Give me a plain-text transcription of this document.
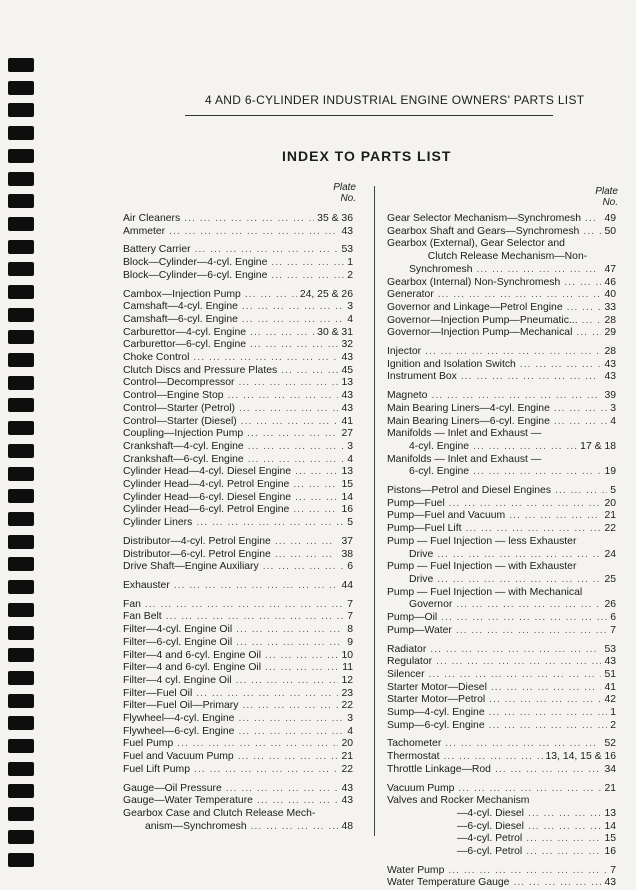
4 AND 6-CYLINDER INDUSTRIAL ENGINE OWNERS' PARTS LIST
INDEX TO PARTS LIST
Plate
No.
Plate
No.
Air Cleaners ...	35 & 36
Ammeter ...	43
Battery Carrier ...	53
Block—Cylinder—4-cyl. Engine ...	1
Block—Cylinder—6-cyl. Engine ...	2
Cambox—Injection Pump ...	24, 25 & 26
Camshaft—4-cyl. Engine ...	3
Camshaft—6-cyl. Engine ...	4
Carburettor—4-cyl. Engine ...	30 & 31
Carburettor—6-cyl. Engine ...	32
Choke Control ...	43
Clutch Discs and Pressure Plates ...	45
Control—Decompressor ...	13
Control—Engine Stop ...	43
Control—Starter (Petrol) ...	43
Control—Starter (Diesel) ...	41
Coupling—Injection Pump ...	27
Crankshaft—4-cyl. Engine ...	3
Crankshaft—6-cyl. Engine ...	4
Cylinder Head—4-cyl. Diesel Engine ...	13
Cylinder Head—4-cyl. Petrol Engine ...	15
Cylinder Head—6-cyl. Diesel Engine ...	14
Cylinder Head—6-cyl. Petrol Engine ...	16
Cylinder Liners ...	5
Distributor—4-cyl. Petrol Engine ...	37
Distributor—6-cyl. Petrol Engine ...	38
Drive Shaft—Engine Auxiliary ...	6
Exhauster ...	44
Fan ...	7
Fan Belt ...	7
Filter—4-cyl. Engine Oil ...	8
Filter—6-cyl. Engine Oil ...	9
Filter—4 and 6-cyl. Engine Oil ...	10
Filter—4 and 6-cyl. Engine Oil ...	11
Filter—4 cyl. Engine Oil ...	12
Filter—Fuel Oil ...	23
Filter—Fuel Oil—Primary ...	22
Flywheel—4-cyl. Engine ...	3
Flywheel—6-cyl. Engine ...	4
Fuel Pump ...	20
Fuel and Vacuum Pump ...	21
Fuel Lift Pump ...	22
Gauge—Oil Pressure ...	43
Gauge—Water Temperature ...	43
Gearbox Case and Clutch Release Mech-
anism—Synchromesh ...	48
Gear Selector Mechanism—Synchromesh ... 49
Gearbox Shaft and Gears—Synchromesh ... 50
Gearbox (External), Gear Selector and
Clutch Release Mechanism—Non-
Synchromesh ...	47
Gearbox (Internal) Non-Synchromesh ...	46
Generator ...	40
Governor and Linkage—Petrol Engine ...	33
Governor—Injection Pump—Pneumatic... ...	28
Governor—Injection Pump—Mechanical ...	29
Injector ...	28
Ignition and Isolation Switch ...	43
Instrument Box ...	43
Magneto ...	39
Main Bearing Liners—4-cyl. Engine ...	3
Main Bearing Liners—6-cyl. Engine ...	4
Manifolds — Inlet and Exhaust —
4-cyl. Engine ...	17 & 18
Manifolds — Inlet and Exhaust —
6-cyl. Engine ...	19
Pistons—Petrol and Diesel Engines ...	5
Pump—Fuel ...	20
Pump—Fuel and Vacuum ...	21
Pump—Fuel Lift ...	22
Pump — Fuel Injection — less Exhauster
Drive ...	24
Pump — Fuel Injection — with Exhauster
Drive ...	25
Pump — Fuel Injection — with Mechanical
Governor ...	26
Pump—Oil ...	6
Pump—Water ...	7
Radiator ...	53
Regulator ...	43
Silencer ...	51
Starter Motor—Diesel ...	41
Starter Motor—Petrol ...	42
Sump—4-cyl. Engine ...	1
Sump—6-cyl. Engine ...	2
Tachometer ...	52
Thermostat ...	13, 14, 15 & 16
Throttle Linkage—Rod ...	34
Vacuum Pump ...	21
Valves and Rocker Mechanism
—4-cyl. Diesel ...	13
—6-cyl. Diesel ...	14
—4-cyl. Petrol ...	15
—6-cyl. Petrol ...	16
Water Pump ...	7
Water Temperature Gauge ...	43
